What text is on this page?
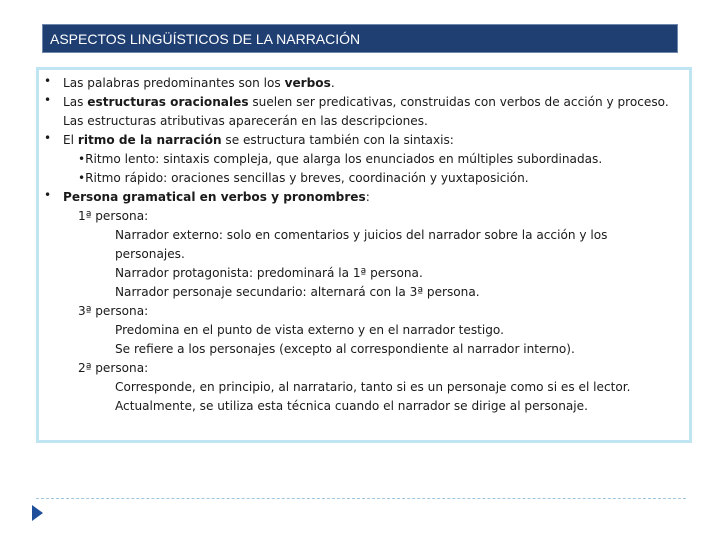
ASPECTOS LINGÜÍSTICOS DE LA NARRACIÓN
• Las palabras predominantes son los verbos.
• Las estructuras oracionales suelen ser predicativas, construidas con verbos de acción y proceso.
Las estructuras atributivas aparecerán en las descripciones.
• El ritmo de la narración se estructura también con la sintaxis:
•Ritmo lento: sintaxis compleja, que alarga los enunciados en múltiples subordinadas.
•Ritmo rápido: oraciones sencillas y breves, coordinación y yuxtaposición.
• Persona gramatical en verbos y pronombres:
1ª persona:
Narrador externo: solo en comentarios y juicios del narrador sobre la acción y los
personajes.
Narrador protagonista: predominará la 1ª persona.
Narrador personaje secundario: alternará con la 3ª persona.
3ª persona:
Predomina en el punto de vista externo y en el narrador testigo.
Se refiere a los personajes (excepto al correspondiente al narrador interno).
2ª persona:
Corresponde, en principio, al narratario, tanto si es un personaje como si es el lector.
Actualmente, se utiliza esta técnica cuando el narrador se dirige al personaje.
